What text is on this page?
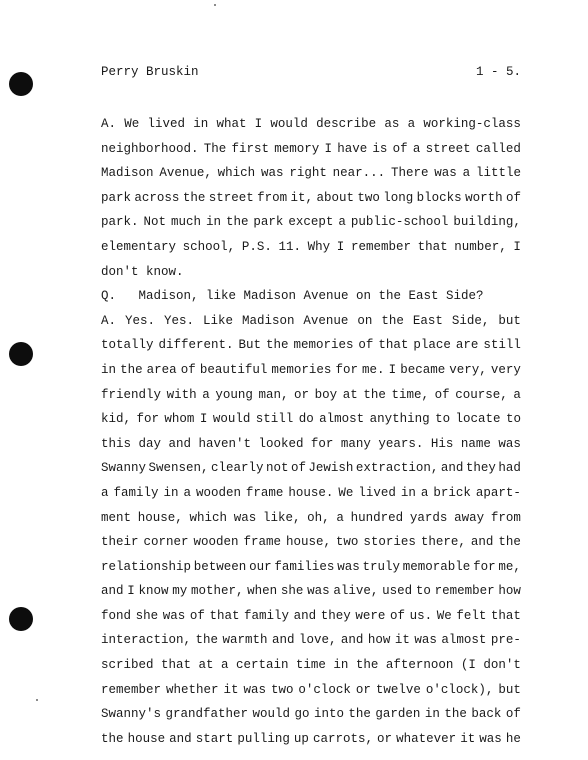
Perry Bruskin	1 - 5.
A. We lived in what I would describe as a working-class
neighborhood. The first memory I have is of a street called
Madison Avenue, which was right near... There was a little
park across the street from it, about two long blocks worth of
park. Not much in the park except a public-school building,
elementary school, P.S. 11. Why I remember that number, I
don't know.
Q.   Madison, like Madison Avenue on the East Side?
A. Yes. Yes. Like Madison Avenue on the East Side, but
totally different. But the memories of that place are still
in the area of beautiful memories for me. I became very, very
friendly with a young man, or boy at the time, of course, a
kid, for whom I would still do almost anything to locate to
this day and haven't looked for many years. His name was
Swanny Swensen, clearly not of Jewish extraction, and they had
a family in a wooden frame house. We lived in a brick apart-
ment house, which was like, oh, a hundred yards away from
their corner wooden frame house, two stories there, and the
relationship between our families was truly memorable for me,
and I know my mother, when she was alive, used to remember how
fond she was of that family and they were of us. We felt that
interaction, the warmth and love, and how it was almost pre-
scribed that at a certain time in the afternoon (I don't
remember whether it was two o'clock or twelve o'clock), but
Swanny's grandfather would go into the garden in the back of
the house and start pulling up carrots, or whatever it was he
